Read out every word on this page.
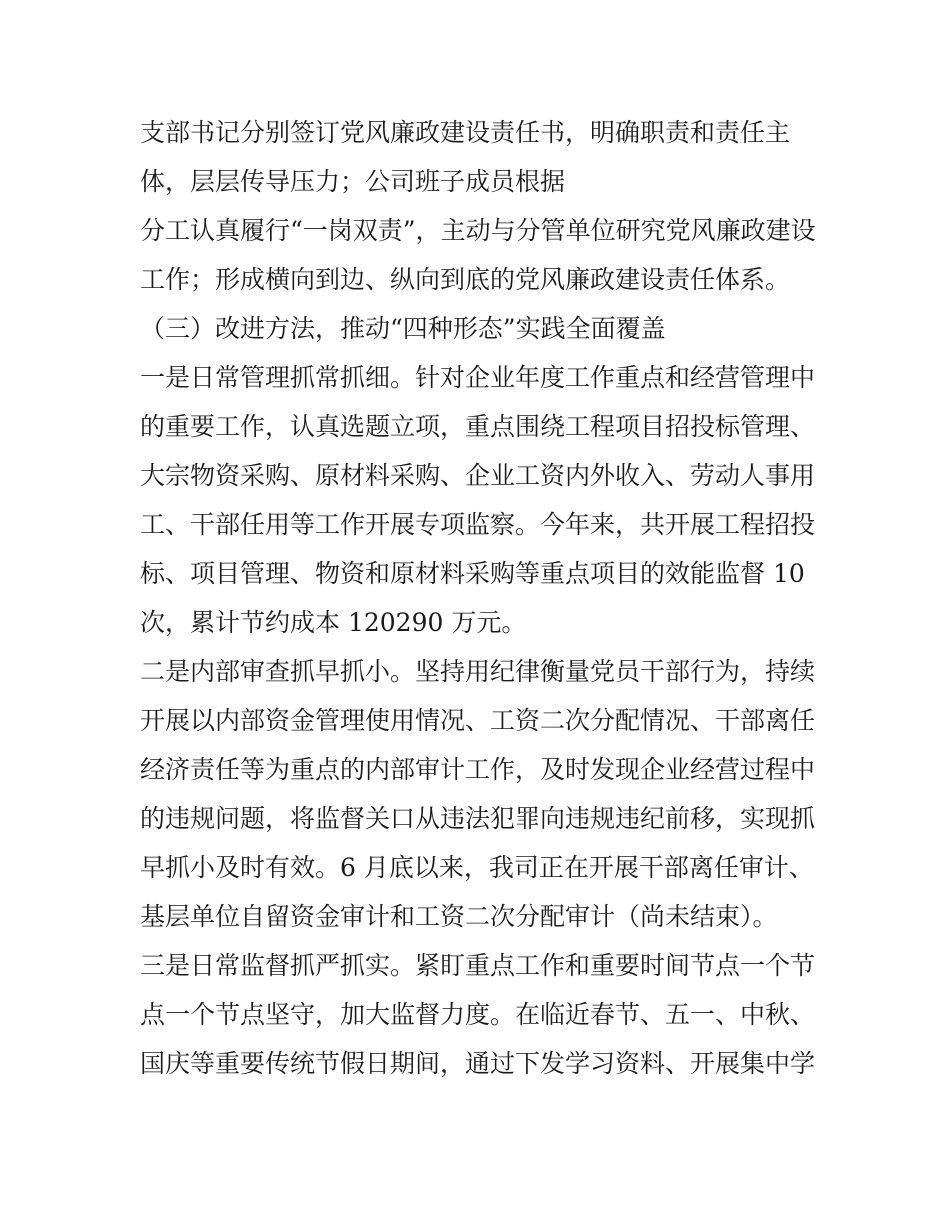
支部书记分别签订党风廉政建设责任书，明确职责和责任主
体，层层传导压力；公司班子成员根据
分工认真履行“一岗双责”，主动与分管单位研究党风廉政建设
工作；形成横向到边、纵向到底的党风廉政建设责任体系。
（三）改进方法，推动“四种形态”实践全面覆盖
一是日常管理抓常抓细。针对企业年度工作重点和经营管理中
的重要工作，认真选题立项，重点围绕工程项目招投标管理、
大宗物资采购、原材料采购、企业工资内外收入、劳动人事用
工、干部任用等工作开展专项监察。今年来，共开展工程招投
标、项目管理、物资和原材料采购等重点项目的效能监督 10
次，累计节约成本 120290 万元。
二是内部审查抓早抓小。坚持用纪律衡量党员干部行为，持续
开展以内部资金管理使用情况、工资二次分配情况、干部离任
经济责任等为重点的内部审计工作，及时发现企业经营过程中
的违规问题，将监督关口从违法犯罪向违规违纪前移，实现抓
早抓小及时有效。6 月底以来，我司正在开展干部离任审计、
基层单位自留资金审计和工资二次分配审计（尚未结束）。
三是日常监督抓严抓实。紧盯重点工作和重要时间节点一个节
点一个节点坚守，加大监督力度。在临近春节、五一、中秋、
国庆等重要传统节假日期间，通过下发学习资料、开展集中学
